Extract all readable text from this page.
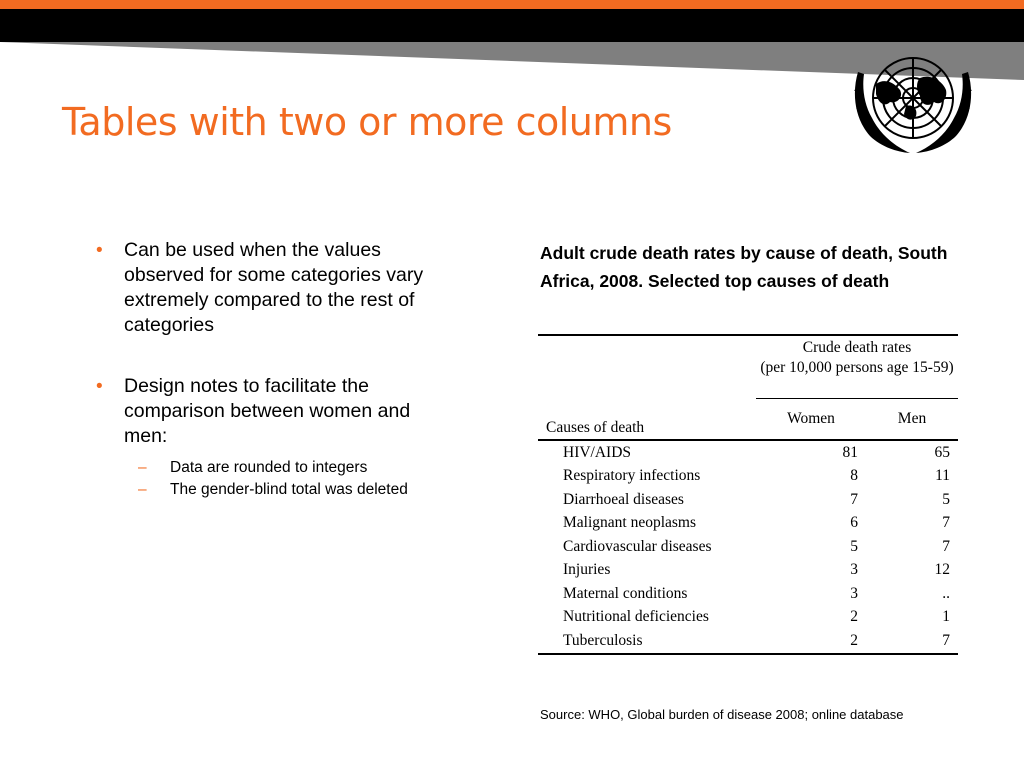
Tables with two or more columns
• Can be used when the values observed for some categories vary extremely compared to the rest of categories
• Design notes to facilitate the comparison between women and men:
– Data are rounded to integers
– The gender-blind total was deleted
Adult crude death rates by cause of death, South Africa, 2008. Selected top causes of death
Causes of death	Crude death rates
(per 10,000 persons age 15-59)	
	Women	Men
HIV/AIDS	81	65
Respiratory infections	8	11
Diarrhoeal diseases	7	5
Malignant neoplasms	6	7
Cardiovascular diseases	5	7
Injuries	3	12
Maternal conditions	3	..
Nutritional deficiencies	2	1
Tuberculosis	2	7
Source: WHO, Global burden of disease 2008; online database
